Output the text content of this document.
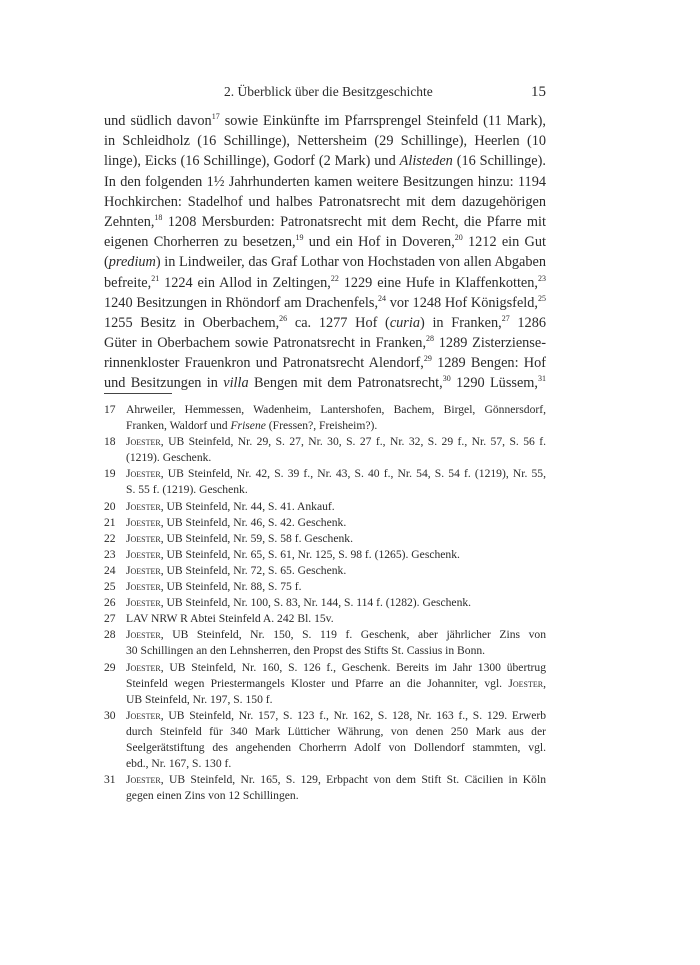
2. Überblick über die Besitzgeschichte	15
und südlich davon$^{17}$ sowie Einkünfte im Pfarrsprengel Steinfeld (11 Mark),
in Schleidholz (16 Schillinge), Nettersheim (29 Schillinge), Heerlen (10
linge), Eicks (16 Schillinge), Godorf (2 Mark) und Alisteden (16 Schillinge).
In den folgenden 1½ Jahrhunderten kamen weitere Besitzungen hinzu: 1194
Hochkirchen: Stadelhof und halbes Patronatsrecht mit dem dazugehörigen
Zehnten,$^{18}$ 1208 Mersburden: Patronatsrecht mit dem Recht, die Pfarre mit
eigenen Chorherren zu besetzen,$^{19}$ und ein Hof in Doveren,$^{20}$ 1212 ein Gut
(predium) in Lindweiler, das Graf Lothar von Hochstaden von allen Abgaben
befreite,$^{21}$ 1224 ein Allod in Zeltingen,$^{22}$ 1229 eine Hufe in Klaffenkotten,$^{23}$
1240 Besitzungen in Rhöndorf am Drachenfels,$^{24}$ vor 1248 Hof Königsfeld,$^{25}$
1255 Besitz in Oberbachem,$^{26}$ ca. 1277 Hof (curia) in Franken,$^{27}$ 1286
Güter in Oberbachem sowie Patronatsrecht in Franken,$^{28}$ 1289 Zisterziense-
rinnenkloster Frauenkron und Patronatsrecht Alendorf,$^{29}$ 1289 Bengen: Hof
und Besitzungen in villa Bengen mit dem Patronatsrecht,$^{30}$ 1290 Lüssem,$^{31}$
17 Ahrweiler, Hemmessen, Wadenheim, Lantershofen, Bachem, Birgel, Gönnersdorf,
Franken, Waldorf und Frisene (Fressen?, Freisheim?).
18 Joester, UB Steinfeld, Nr. 29, S. 27, Nr. 30, S. 27 f., Nr. 32, S. 29 f., Nr. 57, S. 56 f.
(1219). Geschenk.
19 Joester, UB Steinfeld, Nr. 42, S. 39 f., Nr. 43, S. 40 f., Nr. 54, S. 54 f. (1219), Nr. 55,
S. 55 f. (1219). Geschenk.
20 Joester, UB Steinfeld, Nr. 44, S. 41. Ankauf.
21 Joester, UB Steinfeld, Nr. 46, S. 42. Geschenk.
22 Joester, UB Steinfeld, Nr. 59, S. 58 f. Geschenk.
23 Joester, UB Steinfeld, Nr. 65, S. 61, Nr. 125, S. 98 f. (1265). Geschenk.
24 Joester, UB Steinfeld, Nr. 72, S. 65. Geschenk.
25 Joester, UB Steinfeld, Nr. 88, S. 75 f.
26 Joester, UB Steinfeld, Nr. 100, S. 83, Nr. 144, S. 114 f. (1282). Geschenk.
27 LAV NRW R Abtei Steinfeld A. 242 Bl. 15v.
28 Joester, UB Steinfeld, Nr. 150, S. 119 f. Geschenk, aber jährlicher Zins von
30 Schillingen an den Lehnsherren, den Propst des Stifts St. Cassius in Bonn.
29 Joester, UB Steinfeld, Nr. 160, S. 126 f., Geschenk. Bereits im Jahr 1300 übertrug
Steinfeld wegen Priestermangels Kloster und Pfarre an die Johanniter, vgl. Joester,
UB Steinfeld, Nr. 197, S. 150 f.
30 Joester, UB Steinfeld, Nr. 157, S. 123 f., Nr. 162, S. 128, Nr. 163 f., S. 129. Erwerb
durch Steinfeld für 340 Mark Lütticher Währung, von denen 250 Mark aus der
Seelgerätstiftung des angehenden Chorherrn Adolf von Dollendorf stammten, vgl.
ebd., Nr. 167, S. 130 f.
31 Joester, UB Steinfeld, Nr. 165, S. 129, Erbpacht von dem Stift St. Cäcilien in Köln
gegen einen Zins von 12 Schillingen.
